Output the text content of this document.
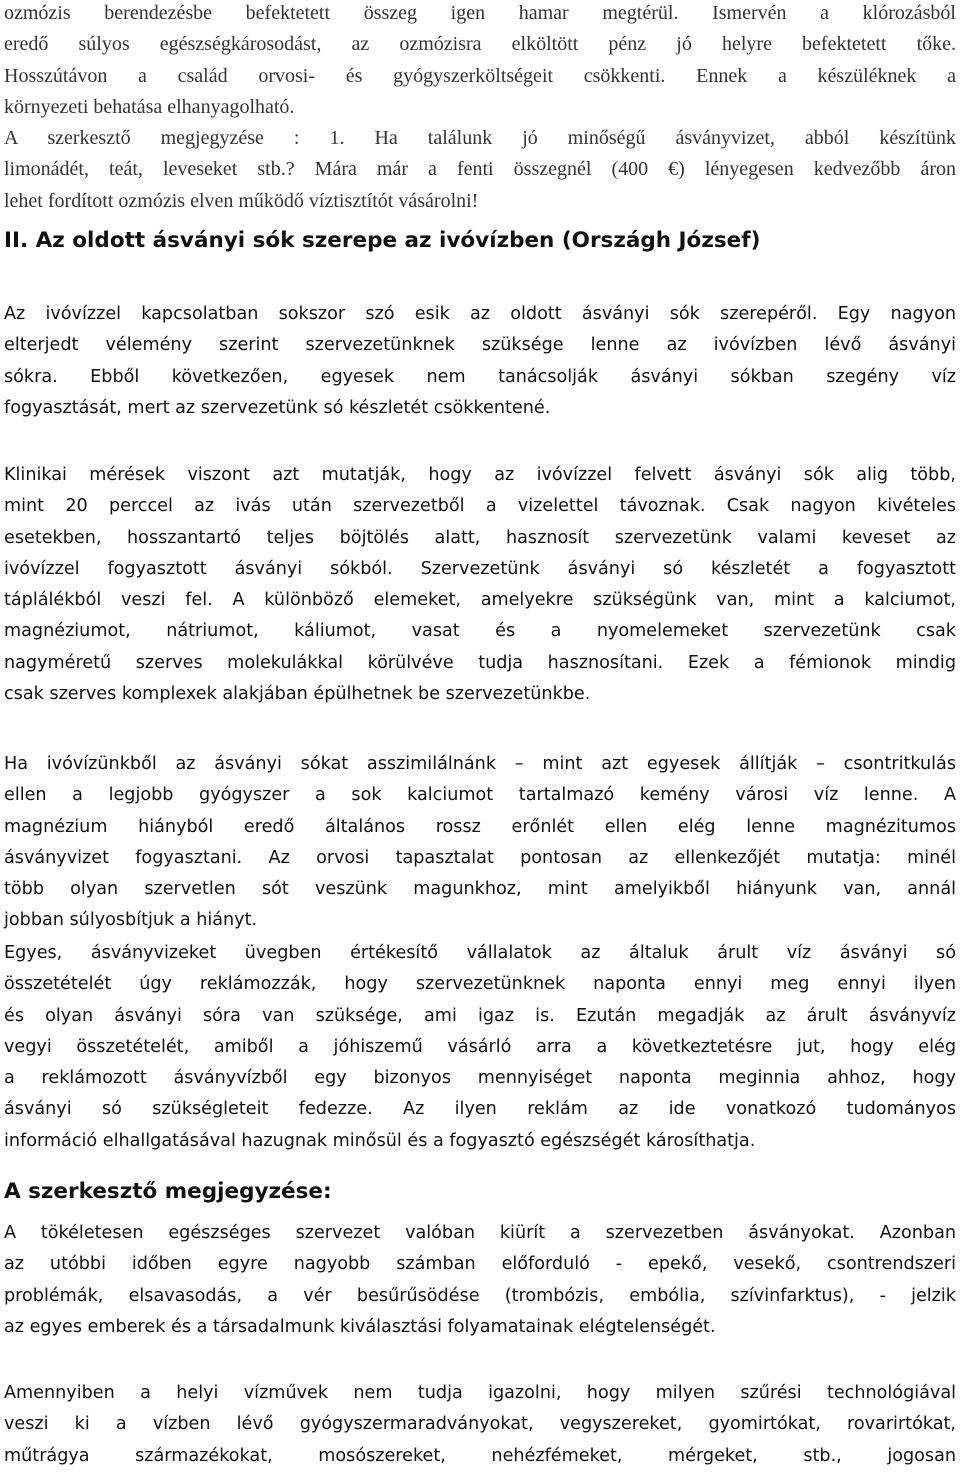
ozmózis berendezésbe befektetett összeg igen hamar megtérül. Ismervén a klórozásból
eredő súlyos egészségkárosodást, az ozmózisra elköltött pénz jó helyre befektetett tőke.
Hosszútávon a család orvosi- és gyógyszerköltségeit csökkenti. Ennek a készüléknek a
környezeti behatása elhanyagolható.
A szerkesztő megjegyzése : 1. Ha találunk jó minőségű ásványvizet, abból készítünk
limonádét, teát, leveseket stb.? Mára már a fenti összegnél (400 €) lényegesen kedvezőbb áron
lehet fordított ozmózis elven működő víztisztítót vásárolni!
II. Az oldott ásványi sók szerepe az ivóvízben (Országh József)
Az ivóvízzel kapcsolatban sokszor szó esik az oldott ásványi sók szerepéről. Egy nagyon
elterjedt vélemény szerint szervezetünknek szüksége lenne az ivóvízben lévő ásványi
sókra. Ebből következően, egyesek nem tanácsolják ásványi sókban szegény víz
fogyasztását, mert az szervezetünk só készletét csökkentené.
Klinikai mérések viszont azt mutatják, hogy az ivóvízzel felvett ásványi sók alig több,
mint 20 perccel az ivás után szervezetből a vizelettel távoznak. Csak nagyon kivételes
esetekben, hosszantartó teljes böjtölés alatt, hasznosít szervezetünk valami keveset az
ivóvízzel fogyasztott ásványi sókból. Szervezetünk ásványi só készletét a fogyasztott
táplálékból veszi fel. A különböző elemeket, amelyekre szükségünk van, mint a kalciumot,
magnéziumot, nátriumot, káliumot, vasat és a nyomelemeket szervezetünk csak
nagyméretű szerves molekulákkal körülvéve tudja hasznosítani. Ezek a fémionok mindig
csak szerves komplexek alakjában épülhetnek be szervezetünkbe.
Ha ivóvízünkből az ásványi sókat asszimilálnánk – mint azt egyesek állítják – csontritkulás
ellen a legjobb gyógyszer a sok kalciumot tartalmazó kemény városi víz lenne. A
magnézium hiányból eredő általános rossz erőnlét ellen elég lenne magnézitumos
ásványvizet fogyasztani. Az orvosi tapasztalat pontosan az ellenkezőjét mutatja: minél
több olyan szervetlen sót veszünk magunkhoz, mint amelyikből hiányunk van, annál
jobban súlyosbítjuk a hiányt.
Egyes, ásványvizeket üvegben értékesítő vállalatok az általuk árult víz ásványi só
összetételét úgy reklámozzák, hogy szervezetünknek naponta ennyi meg ennyi ilyen
és olyan ásványi sóra van szüksége, ami igaz is. Ezután megadják az árult ásványvíz
vegyi összetételét, amiből a jóhiszemű vásárló arra a következtetésre jut, hogy elég
a reklámozott ásványvízből egy bizonyos mennyiséget naponta meginnia ahhoz, hogy
ásványi só szükségleteit fedezze. Az ilyen reklám az ide vonatkozó tudományos
információ elhallgatásával hazugnak minősül és a fogyasztó egészségét károsíthatja.
A szerkesztő megjegyzése:
A tökéletesen egészséges szervezet valóban kiürít a szervezetben ásványokat. Azonban
az utóbbi időben egyre nagyobb számban előforduló - epekő, vesekő, csontrendszeri
problémák, elsavasodás, a vér besűrűsödése (trombózis, embólia, szívinfarktus), - jelzik
az egyes emberek és a társadalmunk kiválasztási folyamatainak elégtelenségét.
Amennyiben a helyi vízművek nem tudja igazolni, hogy milyen szűrési technológiával
veszi ki a vízben lévő gyógyszermaradványokat, vegyszereket, gyomirtókat, rovarirtókat,
műtrágya származékokat, mosószereket, nehézfémeket, mérgeket, stb., jogosan
